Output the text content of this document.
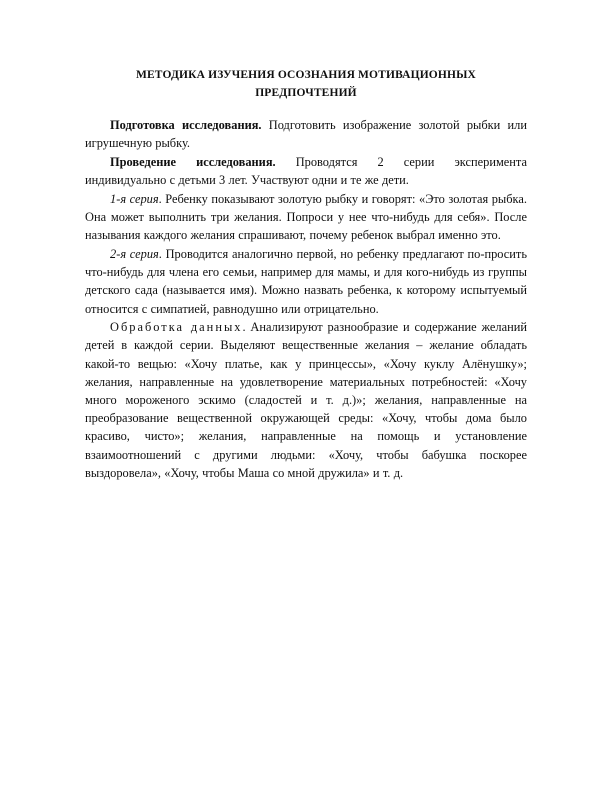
МЕТОДИКА ИЗУЧЕНИЯ ОСОЗНАНИЯ МОТИВАЦИОННЫХ
ПРЕДПОЧТЕНИЙ

Подготовка исследования. Подготовить изображение золотой рыбки или игрушечную рыбку.

Проведение исследования. Проводятся 2 серии эксперимента индивидуально с детьми 3 лет. Участвуют одни и те же дети.

1-я серия. Ребенку показывают золотую рыбку и говорят: «Это золотая рыбка. Она может выполнить три желания. Попроси у нее что-нибудь для себя». После называния каждого желания спрашивают, почему ребенок выбрал именно это.

2-я серия. Проводится аналогично первой, но ребенку предлагают по-просить что-нибудь для члена его семьи, например для мамы, и для кого-нибудь из группы детского сада (называется имя). Можно назвать ребенка, к которому испытуемый относится с симпатией, равнодушно или отрицательно.

Обработка данных. Анализируют разнообразие и содержание желаний детей в каждой серии. Выделяют вещественные желания – желание обладать какой-то вещью: «Хочу платье, как у принцессы», «Хочу куклу Алёнушку»; желания, направленные на удовлетворение материальных потребностей: «Хочу много мороженого эскимо (сладостей и т. д.)»; желания, направленные на преобразование вещественной окружающей среды: «Хочу, чтобы дома было красиво, чисто»; желания, направленные на помощь и установление взаимоотношений с другими людьми: «Хочу, чтобы бабушка поскорее выздоровела», «Хочу, чтобы Маша со мной дружила» и т. д.
